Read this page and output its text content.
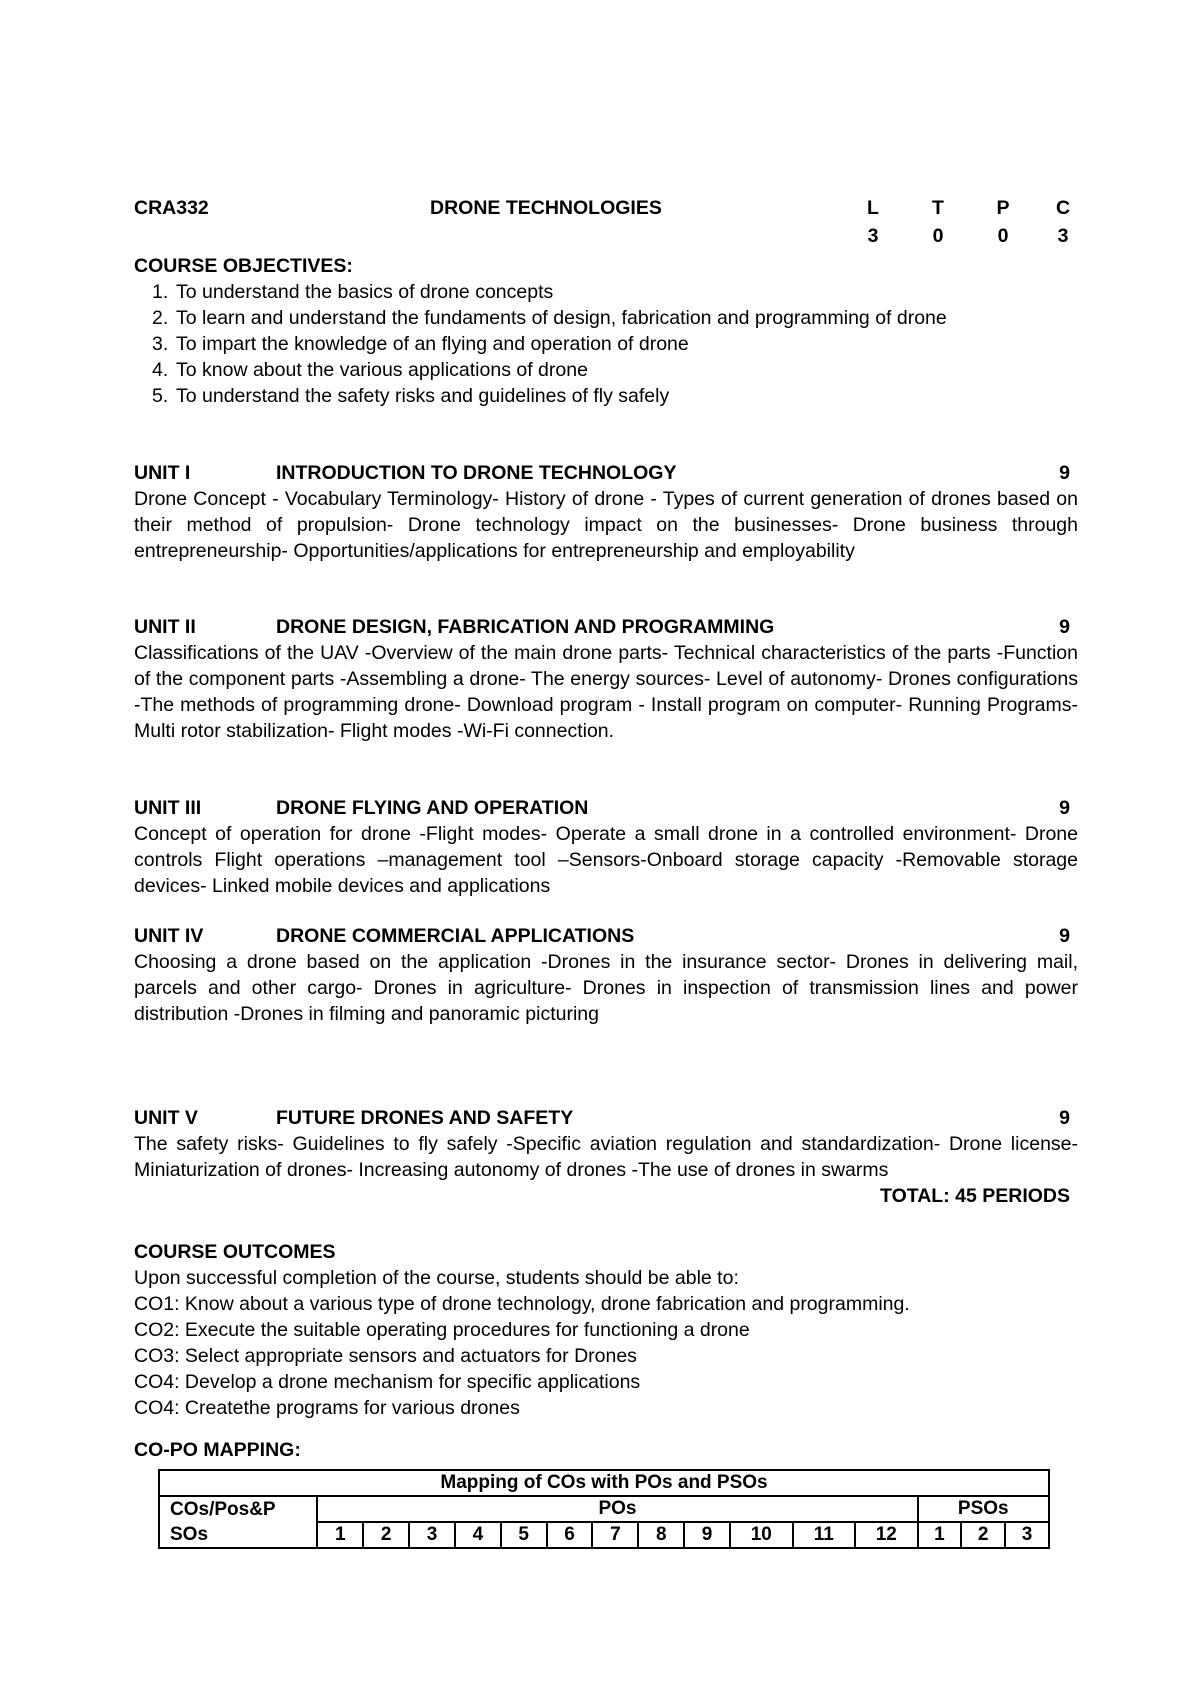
CRA332	DRONE TECHNOLOGIES	L	T	P	C
3	0	0	3
COURSE OBJECTIVES:
1. To understand the basics of drone concepts
2. To learn and understand the fundaments of design, fabrication and programming of drone
3. To impart the knowledge of an flying and operation of drone
4. To know about the various applications of drone
5. To understand the safety risks and guidelines of fly safely
UNIT I	INTRODUCTION TO DRONE TECHNOLOGY	9
Drone Concept - Vocabulary Terminology- History of drone - Types of current generation of drones based on their method of propulsion- Drone technology impact on the businesses- Drone business through entrepreneurship- Opportunities/applications for entrepreneurship and employability
UNIT II	DRONE DESIGN, FABRICATION AND PROGRAMMING	9
Classifications of the UAV -Overview of the main drone parts- Technical characteristics of the parts -Function of the component parts -Assembling a drone- The energy sources- Level of autonomy- Drones configurations -The methods of programming drone- Download program - Install program on computer- Running Programs- Multi rotor stabilization- Flight modes -Wi-Fi connection.
UNIT III	DRONE FLYING AND OPERATION	9
Concept of operation for drone -Flight modes- Operate a small drone in a controlled environment- Drone controls Flight operations –management tool –Sensors-Onboard storage capacity -Removable storage devices- Linked mobile devices and applications
UNIT IV	DRONE COMMERCIAL APPLICATIONS	9
Choosing a drone based on the application -Drones in the insurance sector- Drones in delivering mail, parcels and other cargo- Drones in agriculture- Drones in inspection of transmission lines and power distribution -Drones in filming and panoramic picturing
UNIT V	FUTURE DRONES AND SAFETY	9
The safety risks- Guidelines to fly safely -Specific aviation regulation and standardization- Drone license- Miniaturization of drones- Increasing autonomy of drones -The use of drones in swarms
TOTAL: 45 PERIODS
COURSE OUTCOMES
Upon successful completion of the course, students should be able to:
CO1: Know about a various type of drone technology, drone fabrication and programming.
CO2: Execute the suitable operating procedures for functioning a drone
CO3: Select appropriate sensors and actuators for Drones
CO4: Develop a drone mechanism for specific applications
CO4: Createthe programs for various drones
CO-PO MAPPING:
Mapping of COs with POs and PSOs															
COs/Pos&P	POs												PSOs		
SOs	1	2	3	4	5	6	7	8	9	10	11	12	1	2	3
